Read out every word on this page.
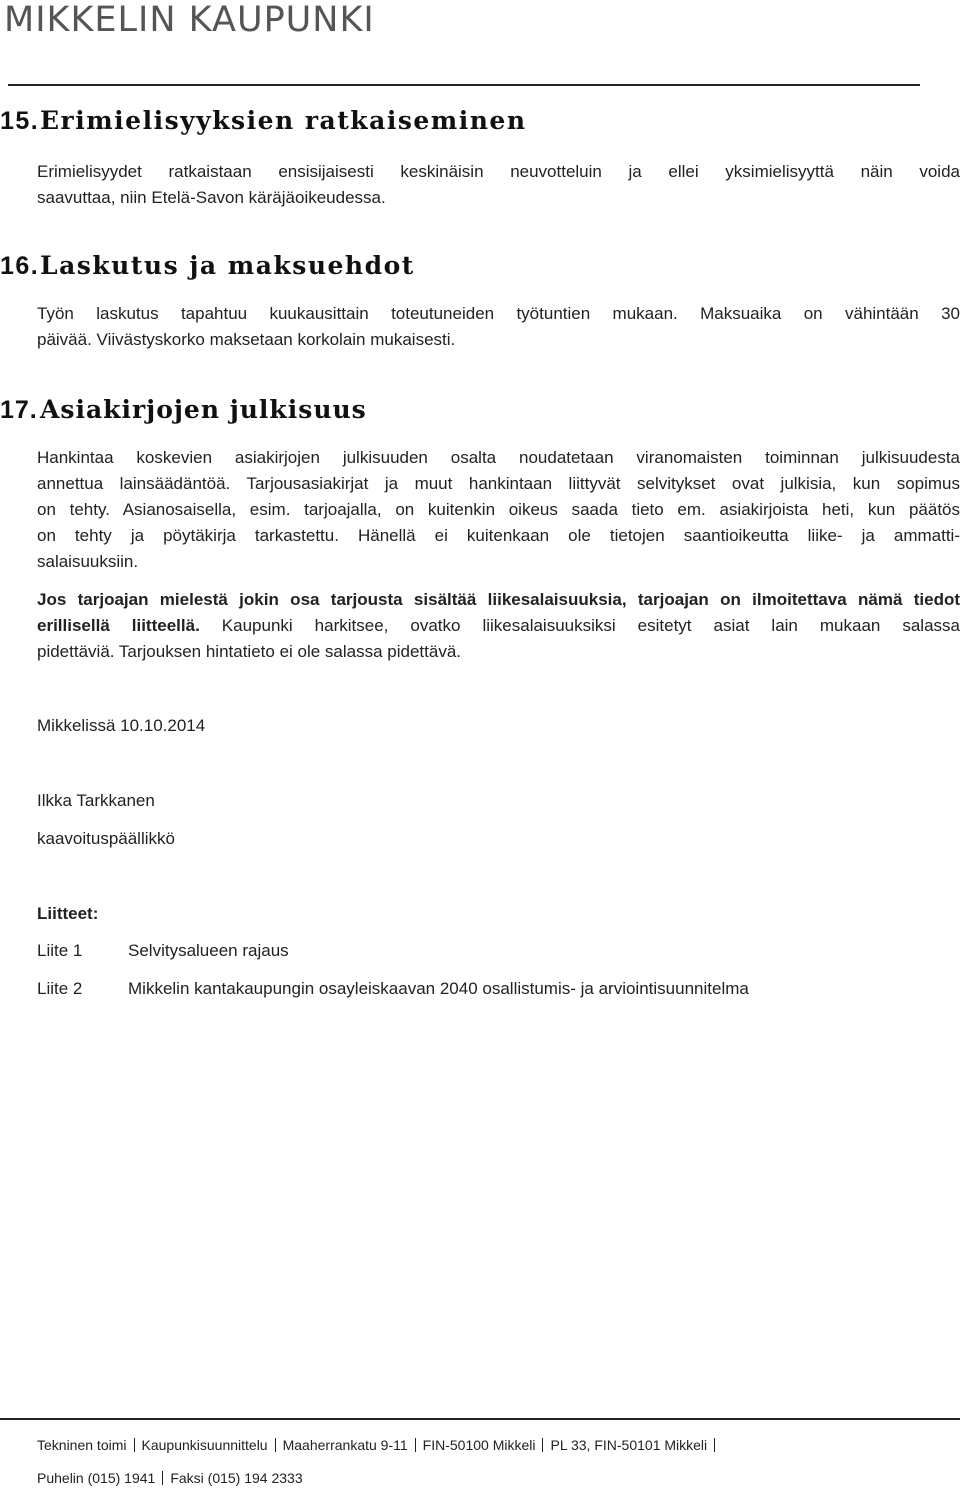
MIKKELIN KAUPUNKI
15.Erimielisyyksien ratkaiseminen
Erimielisyydet ratkaistaan ensisijaisesti keskinäisin neuvotteluin ja ellei yksimielisyyttä näin voida
saavuttaa, niin Etelä-Savon käräjäoikeudessa.
16.Laskutus ja maksuehdot
Työn laskutus tapahtuu kuukausittain toteutuneiden työtuntien mukaan. Maksuaika on vähintään 30
päivää. Viivästyskorko maksetaan korkolain mukaisesti.
17.Asiakirjojen julkisuus
Hankintaa koskevien asiakirjojen julkisuuden osalta noudatetaan viranomaisten toiminnan julkisuudesta
annettua lainsäädäntöä. Tarjousasiakirjat ja muut hankintaan liittyvät selvitykset ovat julkisia, kun sopimus
on tehty. Asianosaisella, esim. tarjoajalla, on kuitenkin oikeus saada tieto em. asiakirjoista heti, kun päätös
on tehty ja pöytäkirja tarkastettu. Hänellä ei kuitenkaan ole tietojen saantioikeutta liike- ja ammatti-
salaisuuksiin.
Jos tarjoajan mielestä jokin osa tarjousta sisältää liikesalaisuuksia, tarjoajan on ilmoitettava nämä tiedot
erillisellä liitteellä. Kaupunki harkitsee, ovatko liikesalaisuuksiksi esitetyt asiat lain mukaan salassa
pidettäviä. Tarjouksen hintatieto ei ole salassa pidettävä.
Mikkelissä 10.10.2014
Ilkka Tarkkanen
kaavoituspäällikkö
Liitteet:
Liite 1	Selvitysalueen rajaus
Liite 2	Mikkelin kantakaupungin osayleiskaavan 2040 osallistumis- ja arviointisuunnitelma
Tekninen toimi Kaupunkisuunnittelu Maaherrankatu 9-11 FIN-50100 Mikkeli PL 33, FIN-50101 Mikkeli
Puhelin (015) 1941 Faksi (015) 194 2333
